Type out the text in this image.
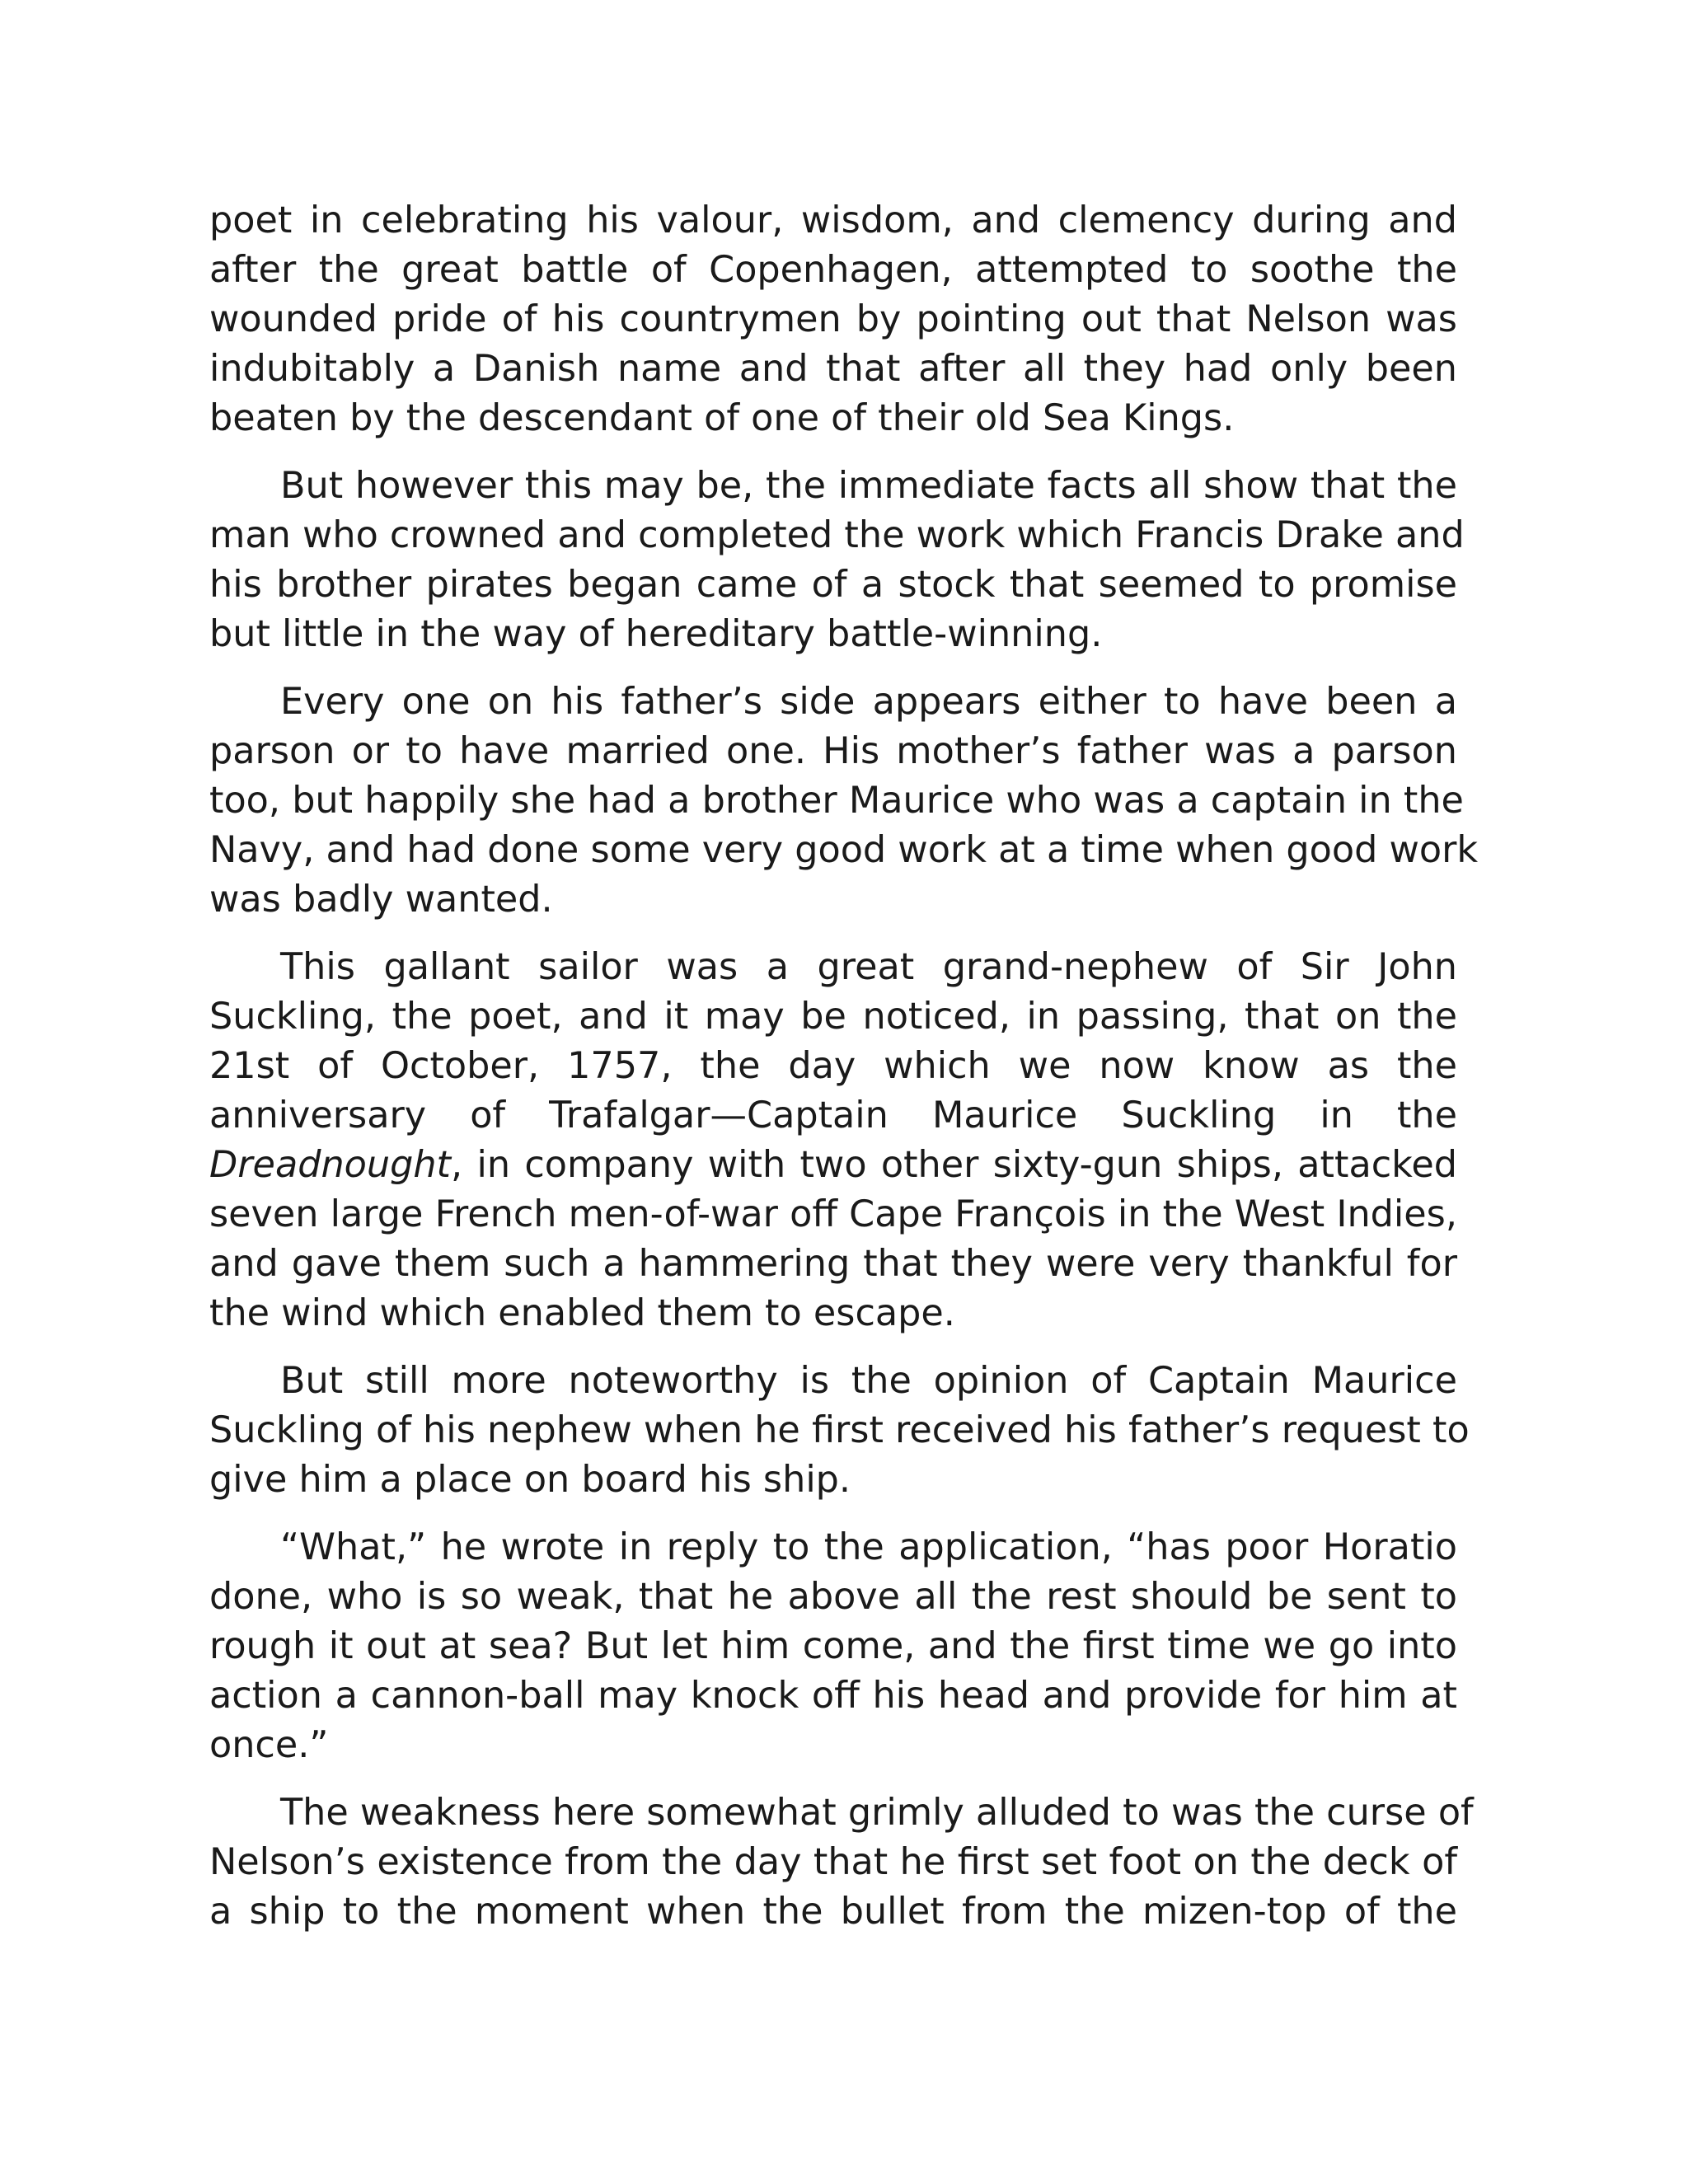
poet in celebrating his valour, wisdom, and clemency during and
after the great battle of Copenhagen, attempted to soothe the
wounded pride of his countrymen by pointing out that Nelson was
indubitably a Danish name and that after all they had only been
beaten by the descendant of one of their old Sea Kings.

But however this may be, the immediate facts all show that the
man who crowned and completed the work which Francis Drake and
his brother pirates began came of a stock that seemed to promise
but little in the way of hereditary battle-winning.

Every one on his father’s side appears either to have been a
parson or to have married one. His mother’s father was a parson
too, but happily she had a brother Maurice who was a captain in the
Navy, and had done some very good work at a time when good work
was badly wanted.

This gallant sailor was a great grand-nephew of Sir John
Suckling, the poet, and it may be noticed, in passing, that on the
21st of October, 1757, the day which we now know as the
anniversary of Trafalgar—Captain Maurice Suckling in the
Dreadnought, in company with two other sixty-gun ships, attacked
seven large French men-of-war off Cape François in the West Indies,
and gave them such a hammering that they were very thankful for
the wind which enabled them to escape.

But still more noteworthy is the opinion of Captain Maurice
Suckling of his nephew when he first received his father’s request to
give him a place on board his ship.

“What,” he wrote in reply to the application, “has poor Horatio
done, who is so weak, that he above all the rest should be sent to
rough it out at sea? But let him come, and the first time we go into
action a cannon-ball may knock off his head and provide for him at
once.”

The weakness here somewhat grimly alluded to was the curse of
Nelson’s existence from the day that he first set foot on the deck of
a ship to the moment when the bullet from the mizen-top of the
